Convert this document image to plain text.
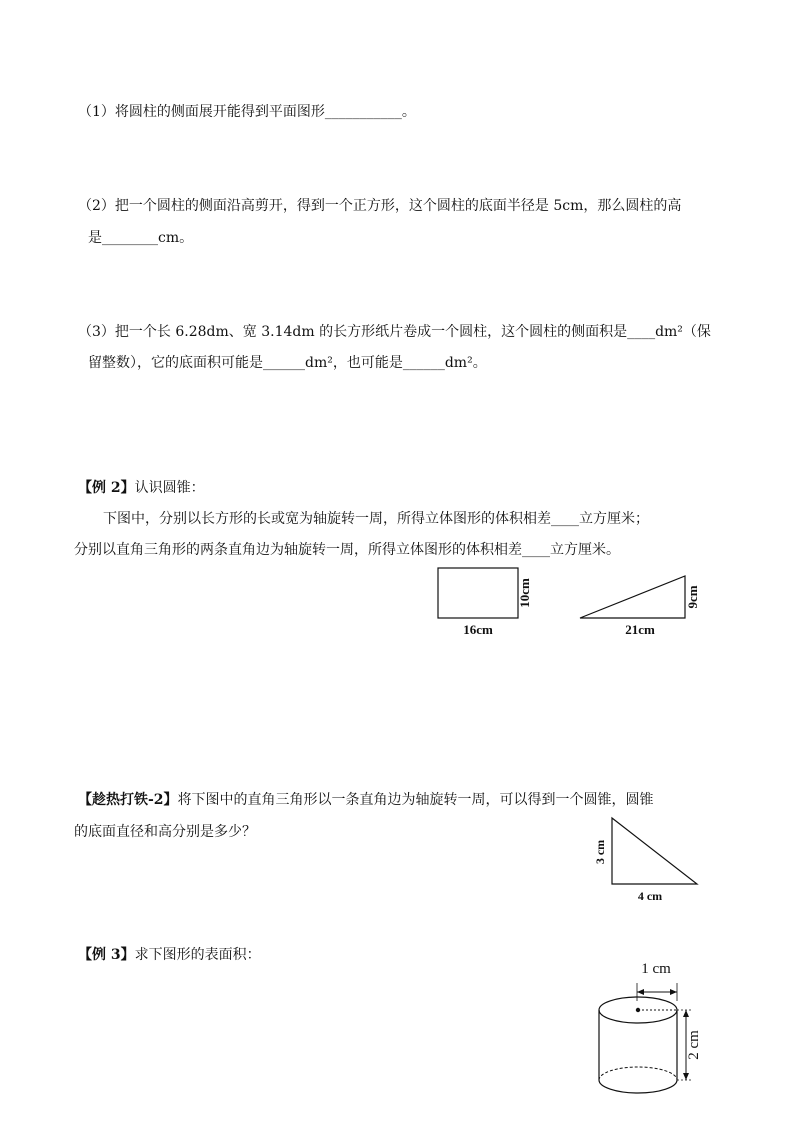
（1）将圆柱的侧面展开能得到平面图形___________。
（2）把一个圆柱的侧面沿高剪开，得到一个正方形，这个圆柱的底面半径是 5cm，那么圆柱的高
是________cm。
（3）把一个长 6.28dm、宽 3.14dm 的长方形纸片卷成一个圆柱，这个圆柱的侧面积是____dm²（保
留整数），它的底面积可能是______dm²，也可能是______dm²。
【例 2】认识圆锥：
下图中，分别以长方形的长或宽为轴旋转一周，所得立体图形的体积相差____立方厘米；
分别以直角三角形的两条直角边为轴旋转一周，所得立体图形的体积相差____立方厘米。
16cm
10cm
21cm
9cm
【趁热打铁-2】将下图中的直角三角形以一条直角边为轴旋转一周，可以得到一个圆锥，圆锥
的底面直径和高分别是多少？
3 cm
4 cm
【例 3】求下图形的表面积：
1 cm
2 cm
